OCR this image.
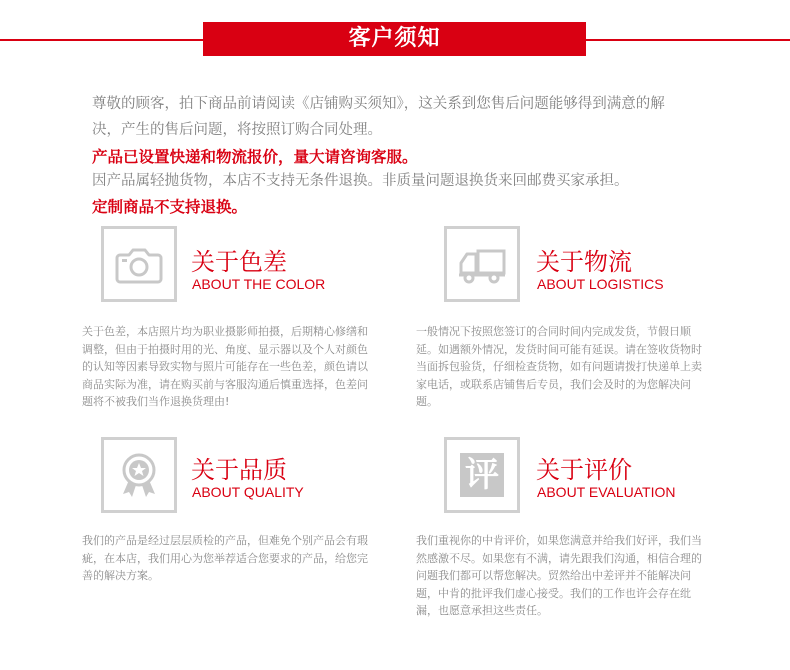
客户须知
尊敬的顾客，拍下商品前请阅读《店铺购买须知》，这关系到您售后问题能够得到满意的解
决，产生的售后问题，将按照订购合同处理。
产品已设置快递和物流报价，量大请咨询客服。
因产品属轻抛货物，本店不支持无条件退换。非质量问题退换货来回邮费买家承担。
定制商品不支持退换。
关于色差
ABOUT THE COLOR
关于色差，本店照片均为职业摄影师拍摄，后期精心修缮和调整，但由于拍摄时用的光、角度、显示器以及个人对颜色的认知等因素导致实物与照片可能存在一些色差，颜色请以商品实际为准，请在购买前与客服沟通后慎重选择，色差问题将不被我们当作退换货理由!
关于物流
ABOUT LOGISTICS
一般情况下按照您签订的合同时间内完成发货，节假日顺延。如遇额外情况，发货时间可能有延误。请在签收货物时当面拆包验货，仔细检查货物，如有问题请拨打快递单上卖家电话，或联系店铺售后专员，我们会及时的为您解决问题。
关于品质
ABOUT QUALITY
我们的产品是经过层层质检的产品，但难免个别产品会有瑕疵，在本店，我们用心为您举荐适合您要求的产品，给您完善的解决方案。
评	关于评价
ABOUT EVALUATION
我们重视你的中肯评价，如果您满意并给我们好评，我们当然感激不尽。如果您有不满，请先跟我们沟通，相信合理的问题我们都可以帮您解决。贸然给出中差评并不能解决问题，中肯的批评我们虚心接受。我们的工作也许会存在纰漏，也愿意承担这些责任。
